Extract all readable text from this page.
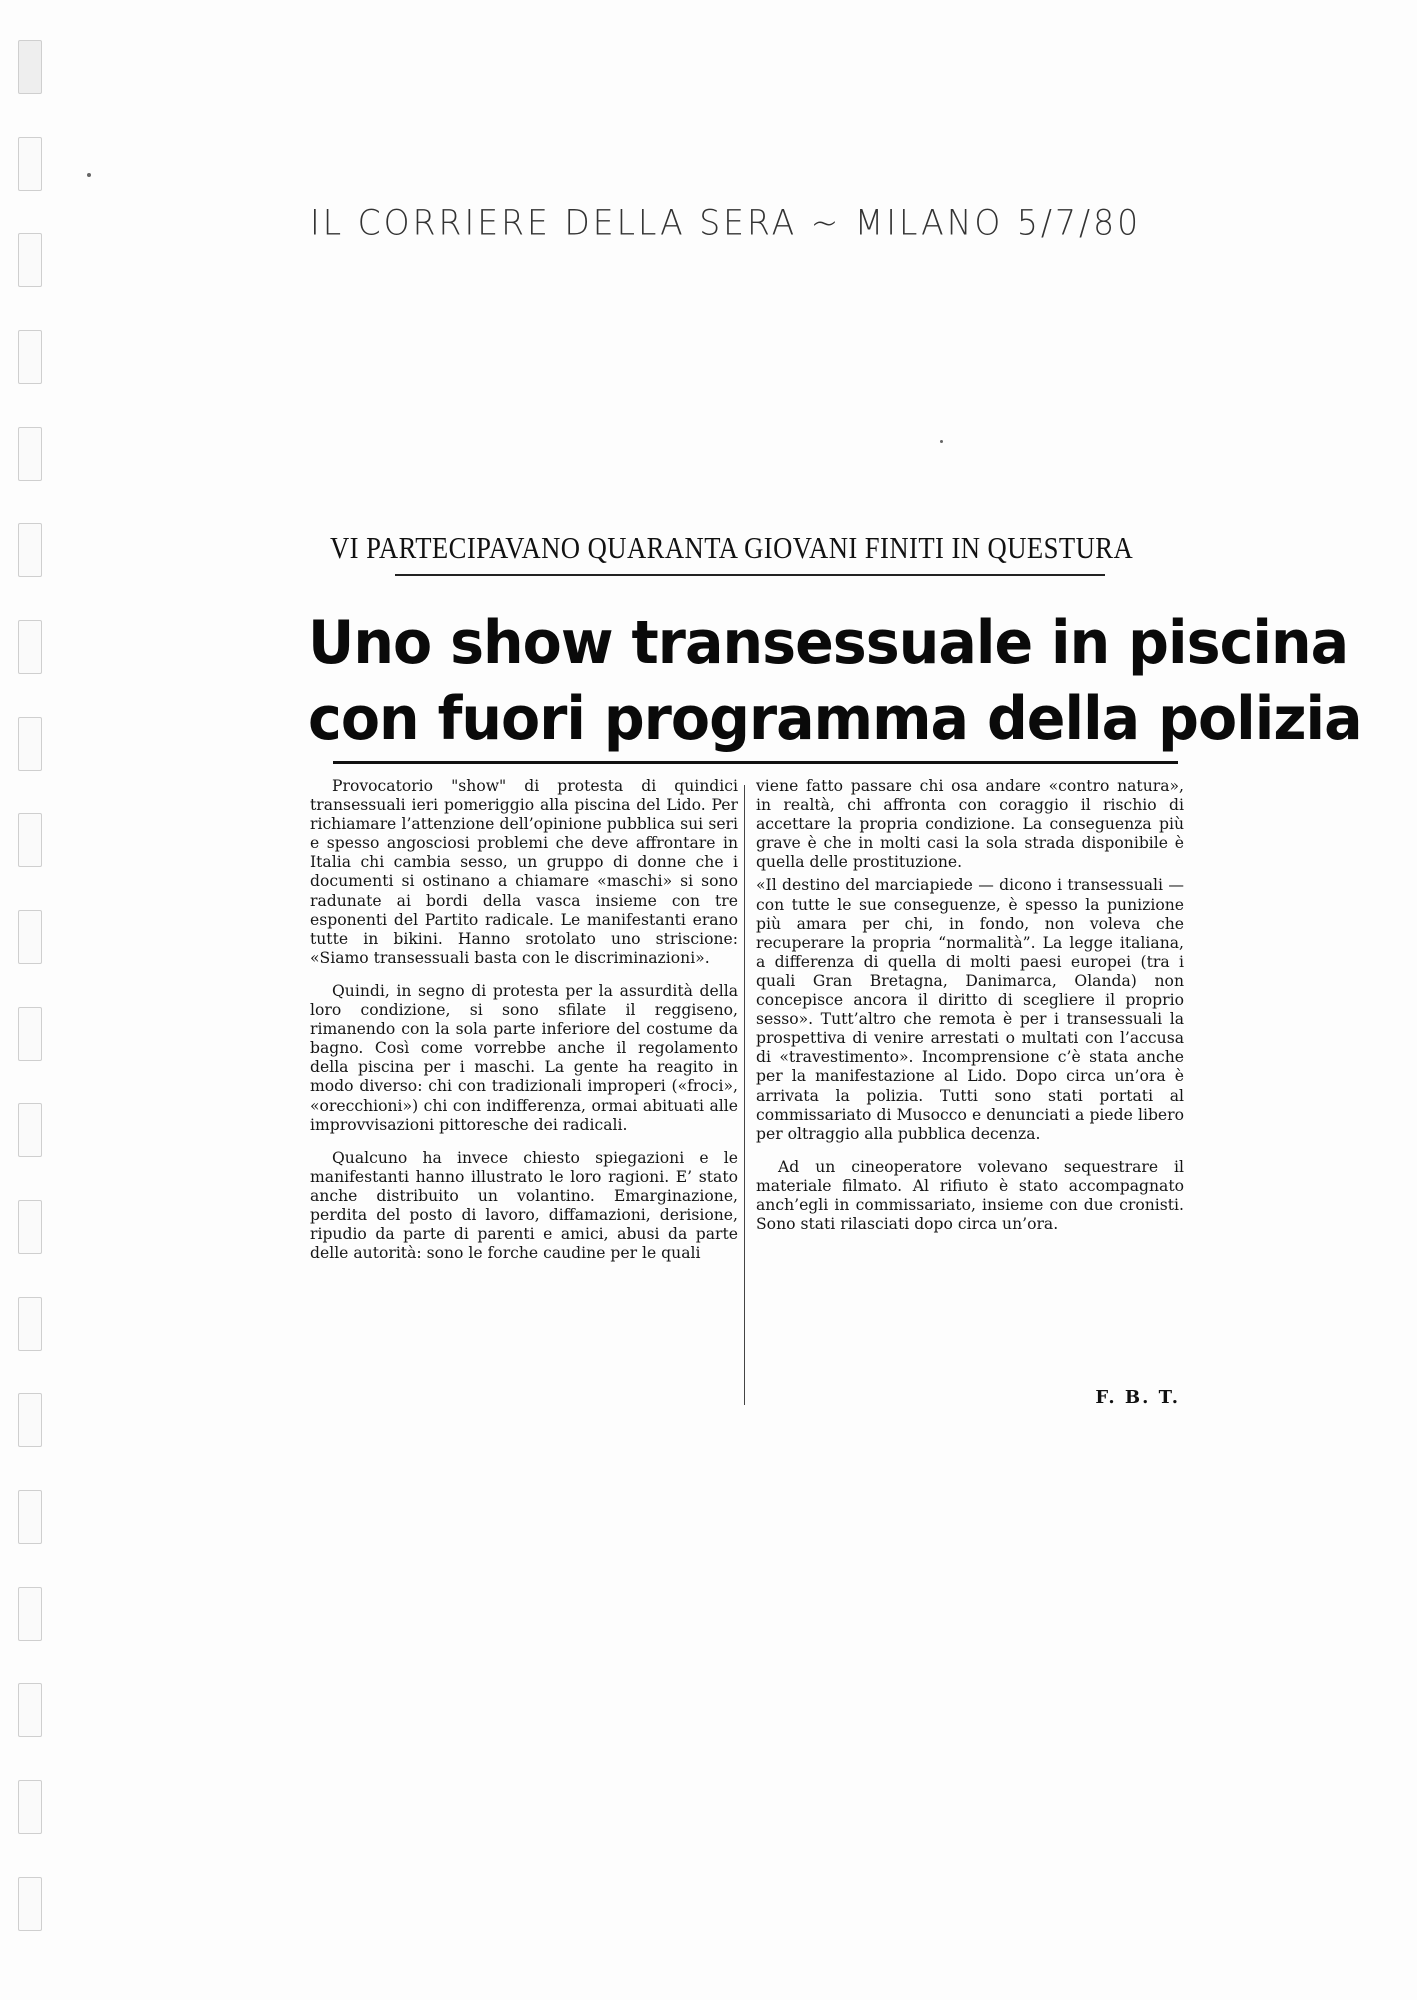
IL CORRIERE DELLA SERA ~ MILANO 5/7/80
VI PARTECIPAVANO QUARANTA GIOVANI FINITI IN QUESTURA
Uno show transessuale in piscina
con fuori programma della polizia

Provocatorio "show" di protesta di quindici transessuali ieri pomeriggio alla piscina del Lido. Per richiamare l’attenzione dell’opinione pubblica sui seri e spesso angosciosi problemi che deve affrontare in Italia chi cambia sesso, un gruppo di donne che i documenti si ostinano a chiamare «maschi» si sono radunate ai bordi della vasca insieme con tre esponenti del Partito radicale. Le manifestanti erano tutte in bikini. Hanno srotolato uno striscione: «Siamo transessuali basta con le discriminazioni».

Quindi, in segno di protesta per la assurdità della loro condizione, si sono sfilate il reggiseno, rimanendo con la sola parte inferiore del costume da bagno. Così come vorrebbe anche il regolamento della piscina per i maschi. La gente ha reagito in modo diverso: chi con tradizionali improperi («froci», «orecchioni») chi con indifferenza, ormai abituati alle improvvisazioni pittoresche dei radicali.

Qualcuno ha invece chiesto spiegazioni e le manifestanti hanno illustrato le loro ragioni. E’ stato anche distribuito un volantino. Emarginazione, perdita del posto di lavoro, diffamazioni, derisione, ripudio da parte di parenti e amici, abusi da parte delle autorità: sono le forche caudine per le quali

viene fatto passare chi osa andare «contro natura», in realtà, chi affronta con coraggio il rischio di accettare la propria condizione. La conseguenza più grave è che in molti casi la sola strada disponibile è quella delle prostituzione.

«Il destino del marciapiede — dicono i transessuali — con tutte le sue conseguenze, è spesso la punizione più amara per chi, in fondo, non voleva che recuperare la propria “normalità”. La legge italiana, a differenza di quella di molti paesi europei (tra i quali Gran Bretagna, Danimarca, Olanda) non concepisce ancora il diritto di scegliere il proprio sesso». Tutt’altro che remota è per i transessuali la prospettiva di venire arrestati o multati con l’accusa di «travestimento». Incomprensione c’è stata anche per la manifestazione al Lido. Dopo circa un’ora è arrivata la polizia. Tutti sono stati portati al commissariato di Musocco e denunciati a piede libero per oltraggio alla pubblica decenza.

Ad un cineoperatore volevano sequestrare il materiale filmato. Al rifiuto è stato accompagnato anch’egli in commissariato, insieme con due cronisti. Sono stati rilasciati dopo circa un’ora.

F. B. T.
